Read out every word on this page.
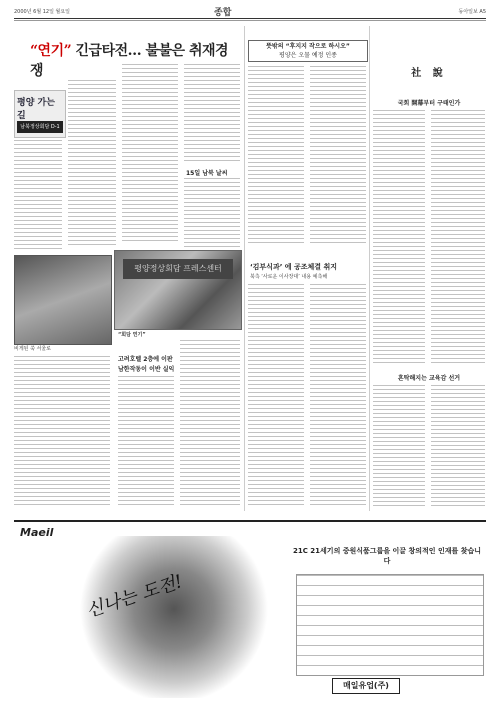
2000년 6월 12일 월요일	종합	동아일보 A5
“연기” 긴급타전… 불불은 취재경쟁
평양 가는 길
남북정상회담 D-1
15일 남북 날씨
비게된 쑥 서울로
평양정상회담 프레스센터
“회담 연기”
고려호텔 2층에 이판
남한작동이 이반 실익
뜻밖의 “후지지 작으로 하시오”
평양은 오물 예정 인종
‘김부식과’ 에 공조체결 취지
북측 ‘사로운 이사장대’ 내용 예측해
社 說
국회 開幕부터 구태인가
흔탁해지는 교육감 선거
Maeil
신나는 도전!
21C 21세기의 중원식품그룹을 이끌 창의적인 인재를 찾습니다
매일유업(주)
